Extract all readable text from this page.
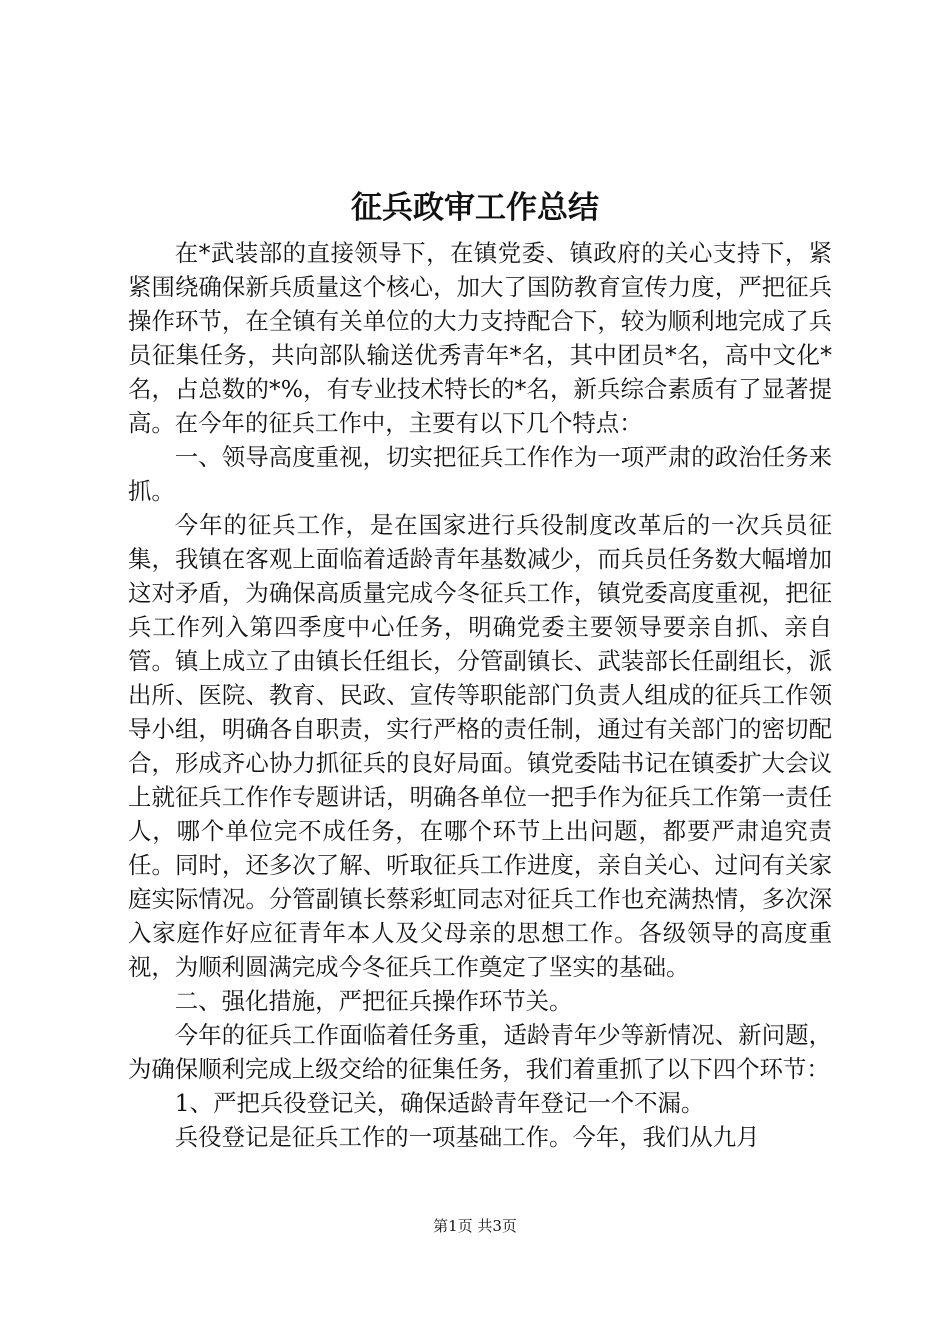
征兵政审工作总结

在*武装部的直接领导下，在镇党委、镇政府的关心支持下，紧紧围绕确保新兵质量这个核心，加大了国防教育宣传力度，严把征兵操作环节，在全镇有关单位的大力支持配合下，较为顺利地完成了兵员征集任务，共向部队输送优秀青年*名，其中团员*名，高中文化*名，占总数的*%，有专业技术特长的*名，新兵综合素质有了显著提高。在今年的征兵工作中，主要有以下几个特点：

一、领导高度重视，切实把征兵工作作为一项严肃的政治任务来抓。

今年的征兵工作，是在国家进行兵役制度改革后的一次兵员征集，我镇在客观上面临着适龄青年基数减少，而兵员任务数大幅增加这对矛盾，为确保高质量完成今冬征兵工作，镇党委高度重视，把征兵工作列入第四季度中心任务，明确党委主要领导要亲自抓、亲自管。镇上成立了由镇长任组长，分管副镇长、武装部长任副组长，派出所、医院、教育、民政、宣传等职能部门负责人组成的征兵工作领导小组，明确各自职责，实行严格的责任制，通过有关部门的密切配合，形成齐心协力抓征兵的良好局面。镇党委陆书记在镇委扩大会议上就征兵工作作专题讲话，明确各单位一把手作为征兵工作第一责任人，哪个单位完不成任务，在哪个环节上出问题，都要严肃追究责任。同时，还多次了解、听取征兵工作进度，亲自关心、过问有关家庭实际情况。分管副镇长蔡彩虹同志对征兵工作也充满热情，多次深入家庭作好应征青年本人及父母亲的思想工作。各级领导的高度重视，为顺利圆满完成今冬征兵工作奠定了坚实的基础。

二、强化措施，严把征兵操作环节关。

今年的征兵工作面临着任务重，适龄青年少等新情况、新问题，为确保顺利完成上级交给的征集任务，我们着重抓了以下四个环节：

1、严把兵役登记关，确保适龄青年登记一个不漏。

兵役登记是征兵工作的一项基础工作。今年，我们从九月

第1页 共3页
